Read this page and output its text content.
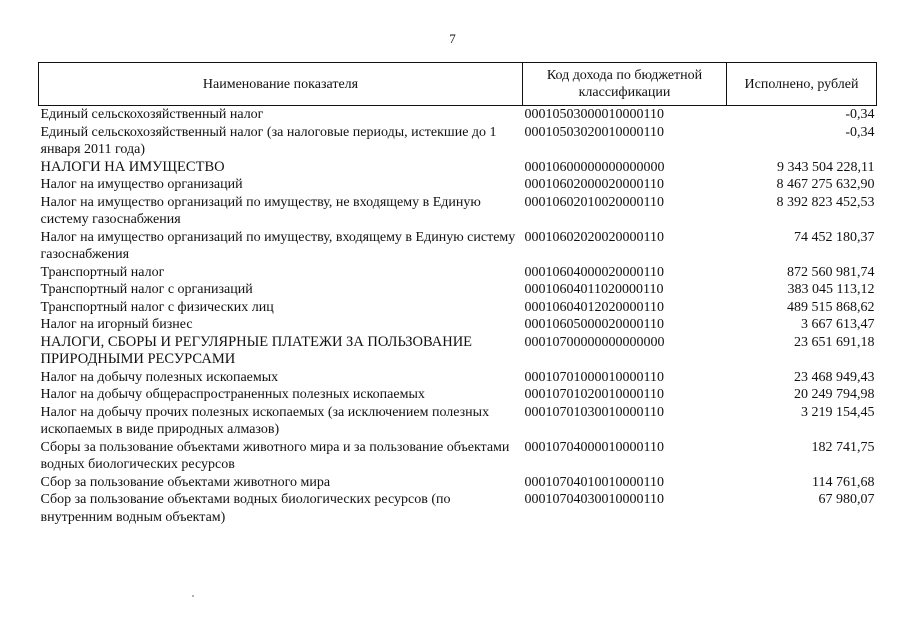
7
Наименование показателя	Код дохода по бюджетной классификации	Исполнено, рублей
Единый сельскохозяйственный налог	00010503000010000110	-0,34
Единый сельскохозяйственный налог (за налоговые периоды, истекшие до 1 января 2011 года)	00010503020010000110	-0,34
НАЛОГИ НА ИМУЩЕСТВО	00010600000000000000	9 343 504 228,11
Налог на имущество организаций	00010602000020000110	8 467 275 632,90
Налог на имущество организаций по имуществу, не входящему в Единую систему газоснабжения	00010602010020000110	8 392 823 452,53
Налог на имущество организаций по имуществу, входящему в Единую систему газоснабжения	00010602020020000110	74 452 180,37
Транспортный налог	00010604000020000110	872 560 981,74
Транспортный налог с организаций	00010604011020000110	383 045 113,12
Транспортный налог с физических лиц	00010604012020000110	489 515 868,62
Налог на игорный бизнес	00010605000020000110	3 667 613,47
НАЛОГИ, СБОРЫ И РЕГУЛЯРНЫЕ ПЛАТЕЖИ ЗА ПОЛЬЗОВАНИЕ ПРИРОДНЫМИ РЕСУРСАМИ	00010700000000000000	23 651 691,18
Налог на добычу полезных ископаемых	00010701000010000110	23 468 949,43
Налог на добычу общераспространенных полезных ископаемых	00010701020010000110	20 249 794,98
Налог на добычу прочих полезных ископаемых (за исключением полезных ископаемых в виде природных алмазов)	00010701030010000110	3 219 154,45
Сборы за пользование объектами животного мира и за пользование объектами водных биологических ресурсов	00010704000010000110	182 741,75
Сбор за пользование объектами животного мира	00010704010010000110	114 761,68
Сбор за пользование объектами водных биологических ресурсов (по внутренним водным объектам)	00010704030010000110	67 980,07
